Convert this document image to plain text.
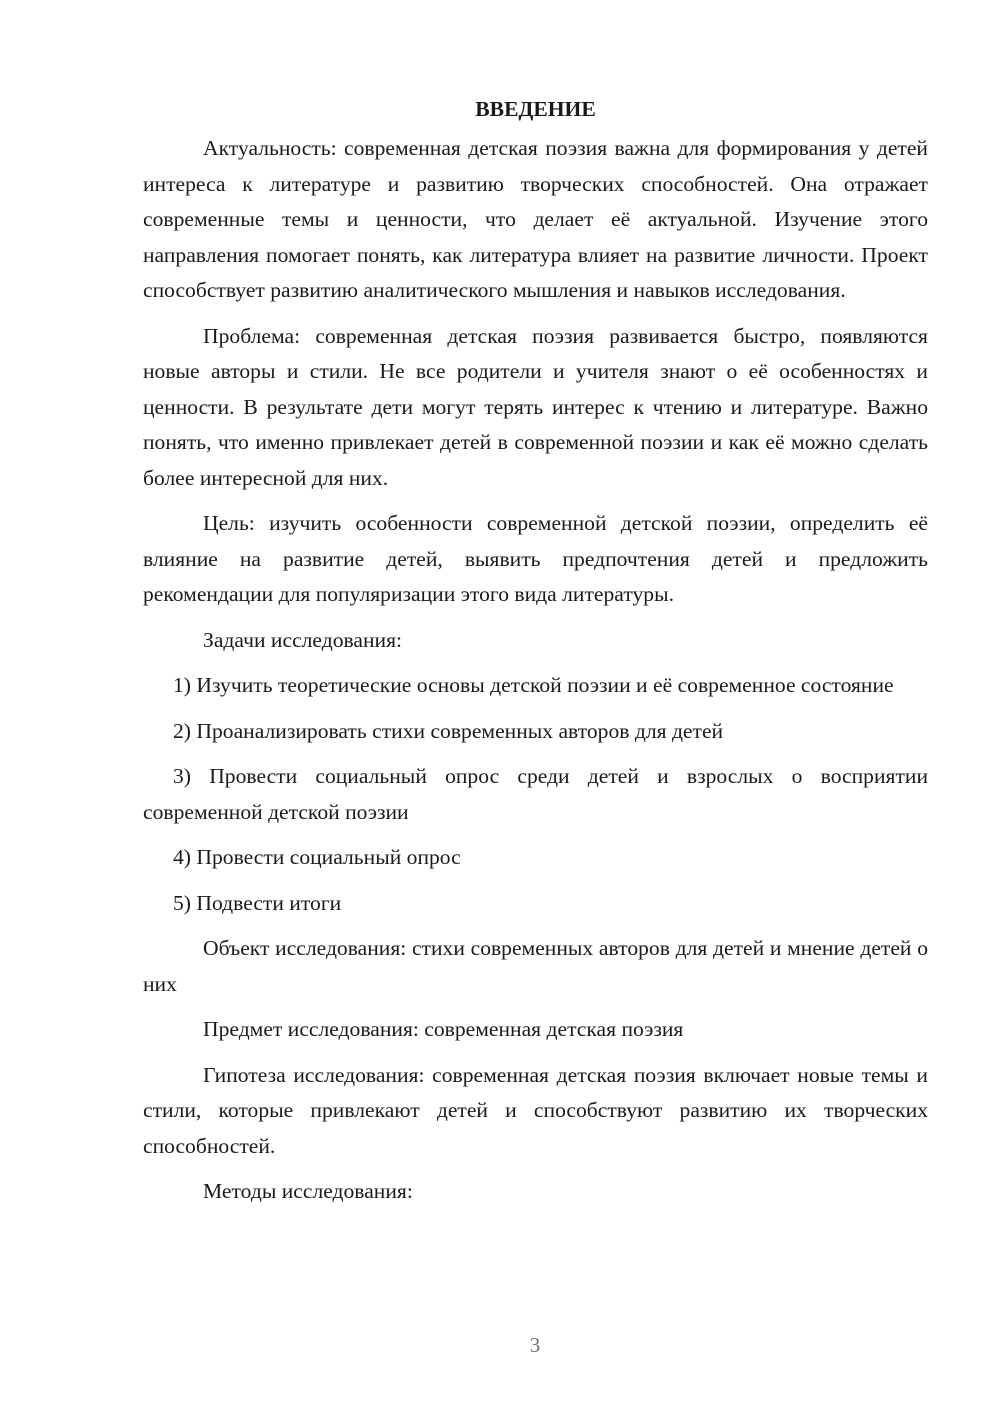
ВВЕДЕНИЕ

Актуальность: современная детская поэзия важна для формирования у детей интереса к литературе и развитию творческих способностей. Она отражает современные темы и ценности, что делает её актуальной. Изучение этого направления помогает понять, как литература влияет на развитие личности. Проект способствует развитию аналитического мышления и навыков исследования.

Проблема: современная детская поэзия развивается быстро, появляются новые авторы и стили. Не все родители и учителя знают о её особенностях и ценности. В результате дети могут терять интерес к чтению и литературе. Важно понять, что именно привлекает детей в современной поэзии и как её можно сделать более интересной для них.

Цель: изучить особенности современной детской поэзии, определить её влияние на развитие детей, выявить предпочтения детей и предложить рекомендации для популяризации этого вида литературы.

Задачи исследования:

1) Изучить теоретические основы детской поэзии и её современное состояние

2) Проанализировать стихи современных авторов для детей

3) Провести социальный опрос среди детей и взрослых о восприятии современной детской поэзии

4) Провести социальный опрос

5) Подвести итоги

Объект исследования: стихи современных авторов для детей и мнение детей о них

Предмет исследования: современная детская поэзия

Гипотеза исследования: современная детская поэзия включает новые темы и стили, которые привлекают детей и способствуют развитию их творческих способностей.

Методы исследования:

3
